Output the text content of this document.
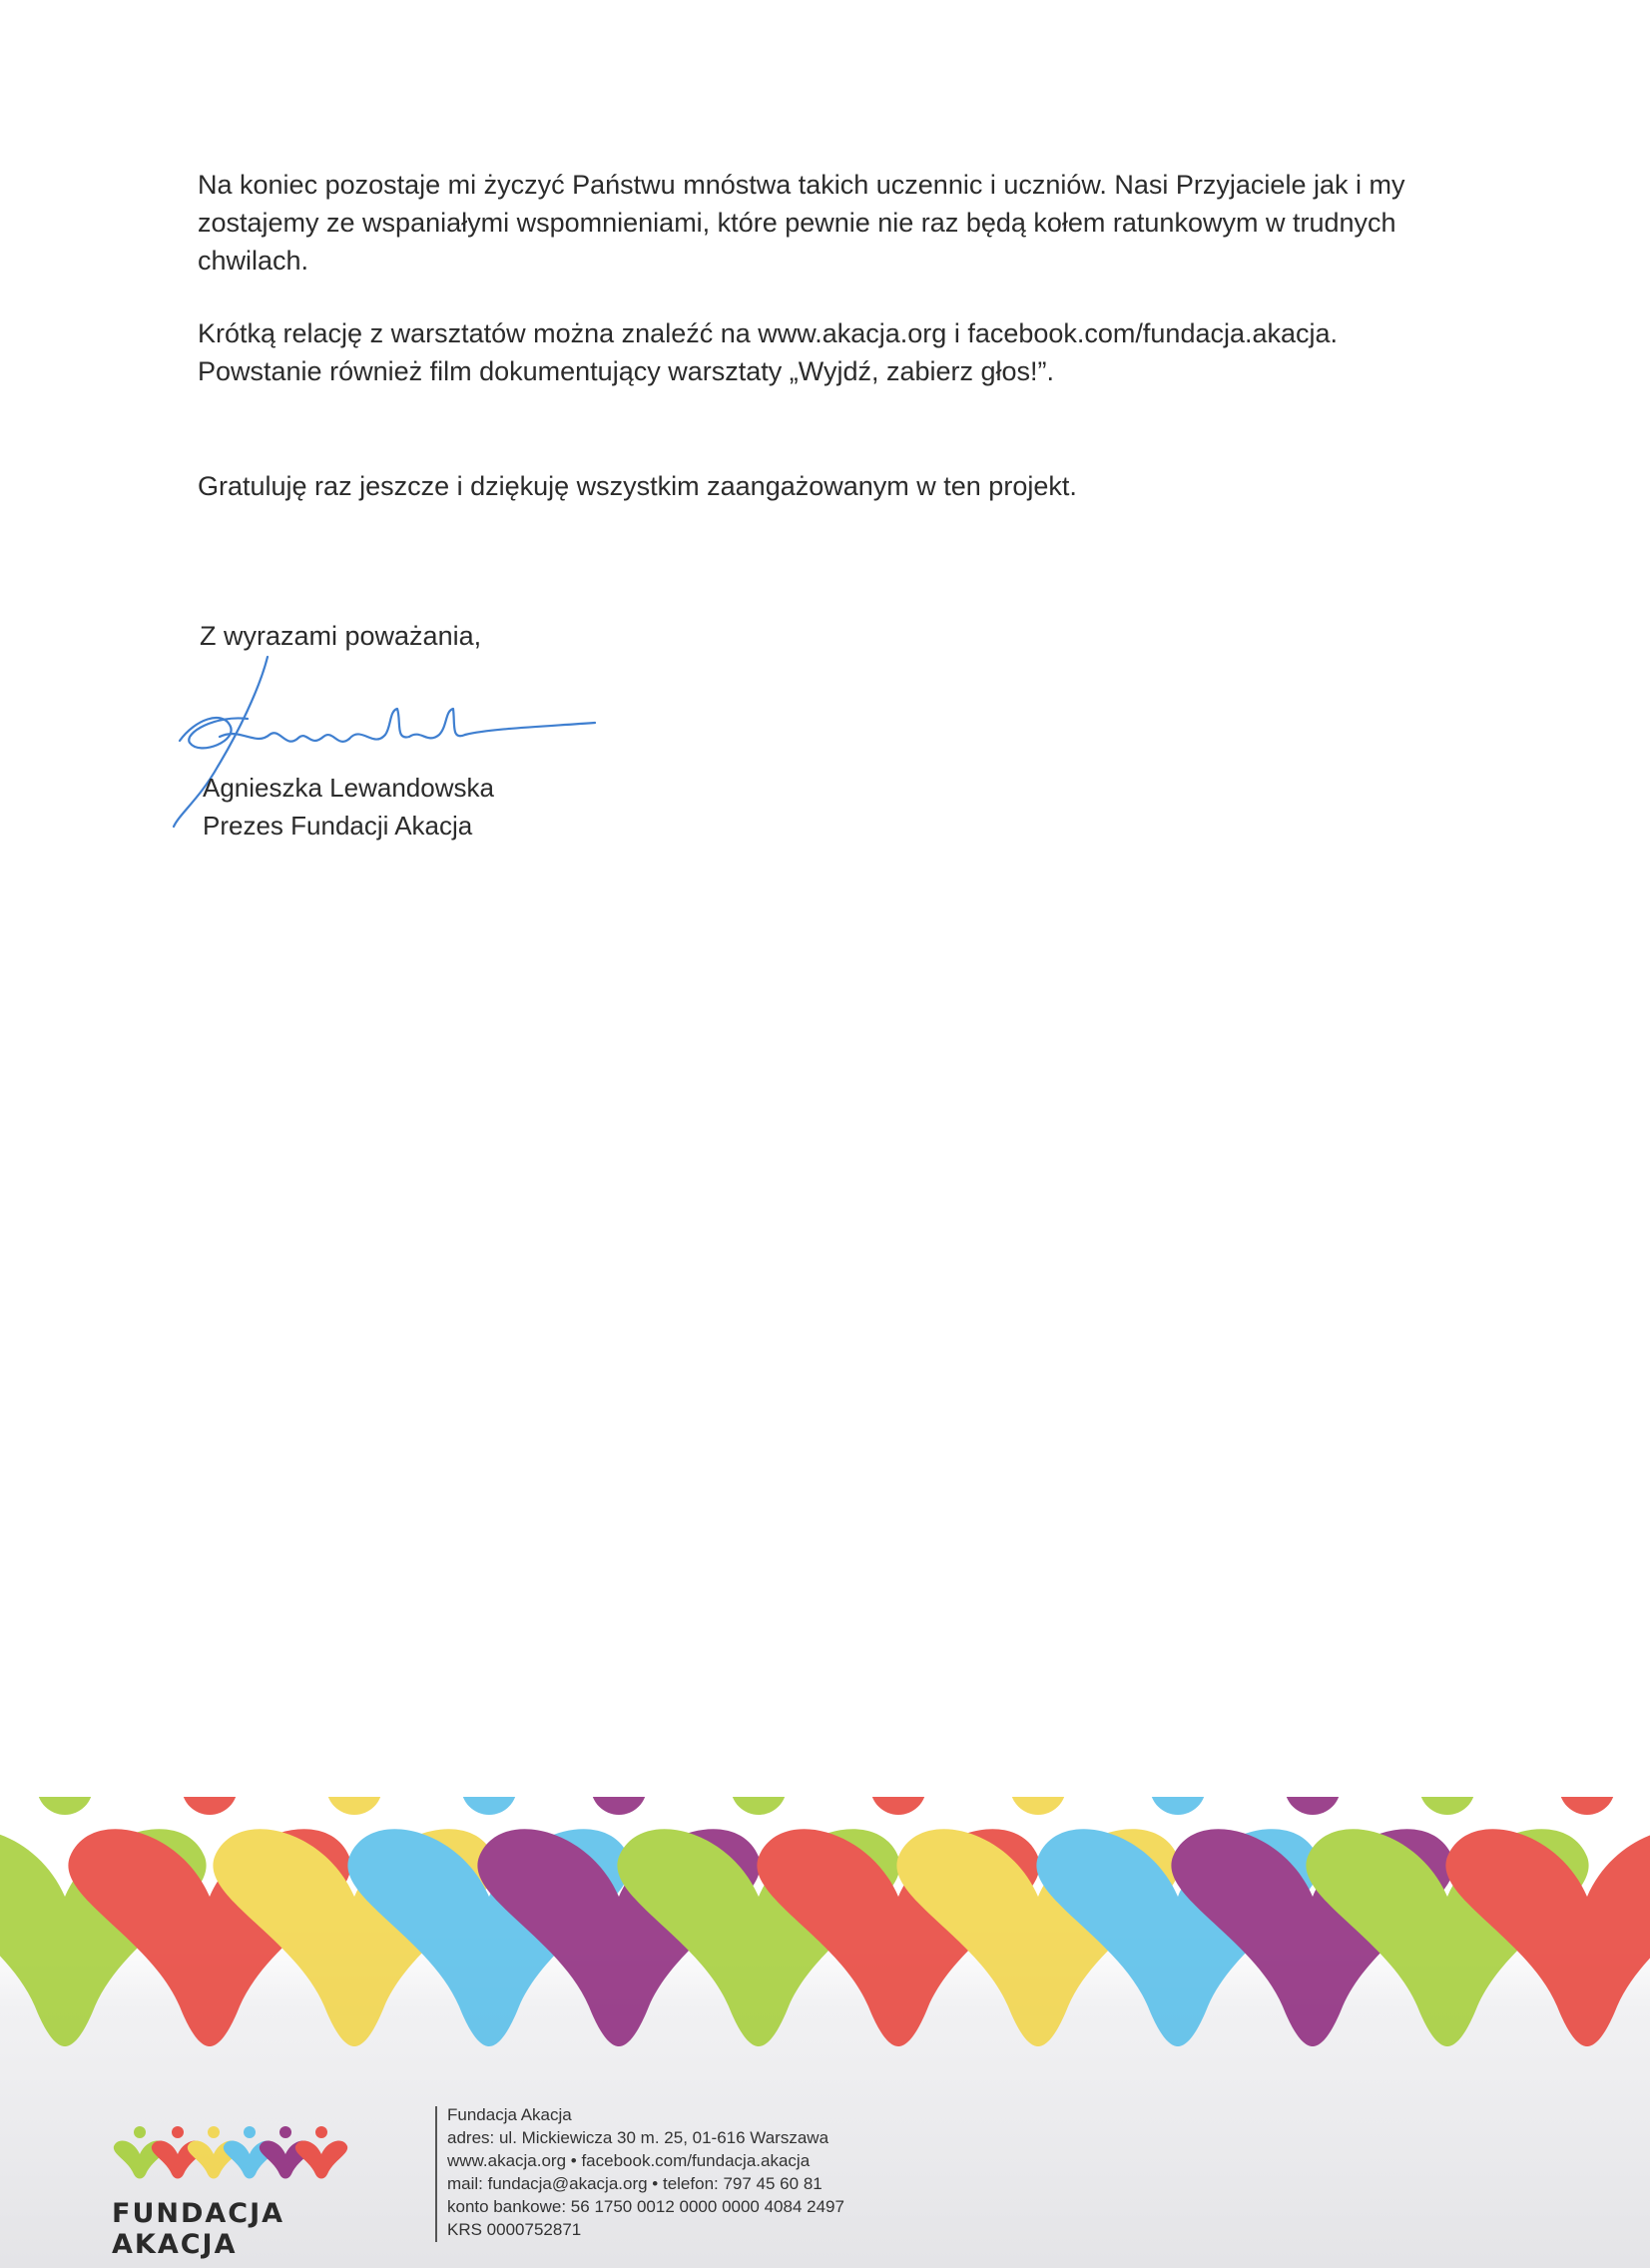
Na koniec pozostaje mi życzyć Państwu mnóstwa takich uczennic i uczniów. Nasi Przyjaciele jak i my
zostajemy ze wspaniałymi wspomnieniami, które pewnie nie raz będą kołem ratunkowym w trudnych
chwilach.
Krótką relację z warsztatów można znaleźć na www.akacja.org i facebook.com/fundacja.akacja.
Powstanie również film dokumentujący warsztaty „Wyjdź, zabierz głos!”.
Gratuluję raz jeszcze i dziękuję wszystkim zaangażowanym w ten projekt.
Z wyrazami poważania,
Agnieszka Lewandowska
Prezes Fundacji Akacja
FUNDACJA AKACJA
Fundacja Akacja
adres: ul. Mickiewicza 30 m. 25, 01-616 Warszawa
www.akacja.org • facebook.com/fundacja.akacja
mail: fundacja@akacja.org • telefon: 797 45 60 81
konto bankowe: 56 1750 0012 0000 0000 4084 2497
KRS 0000752871
